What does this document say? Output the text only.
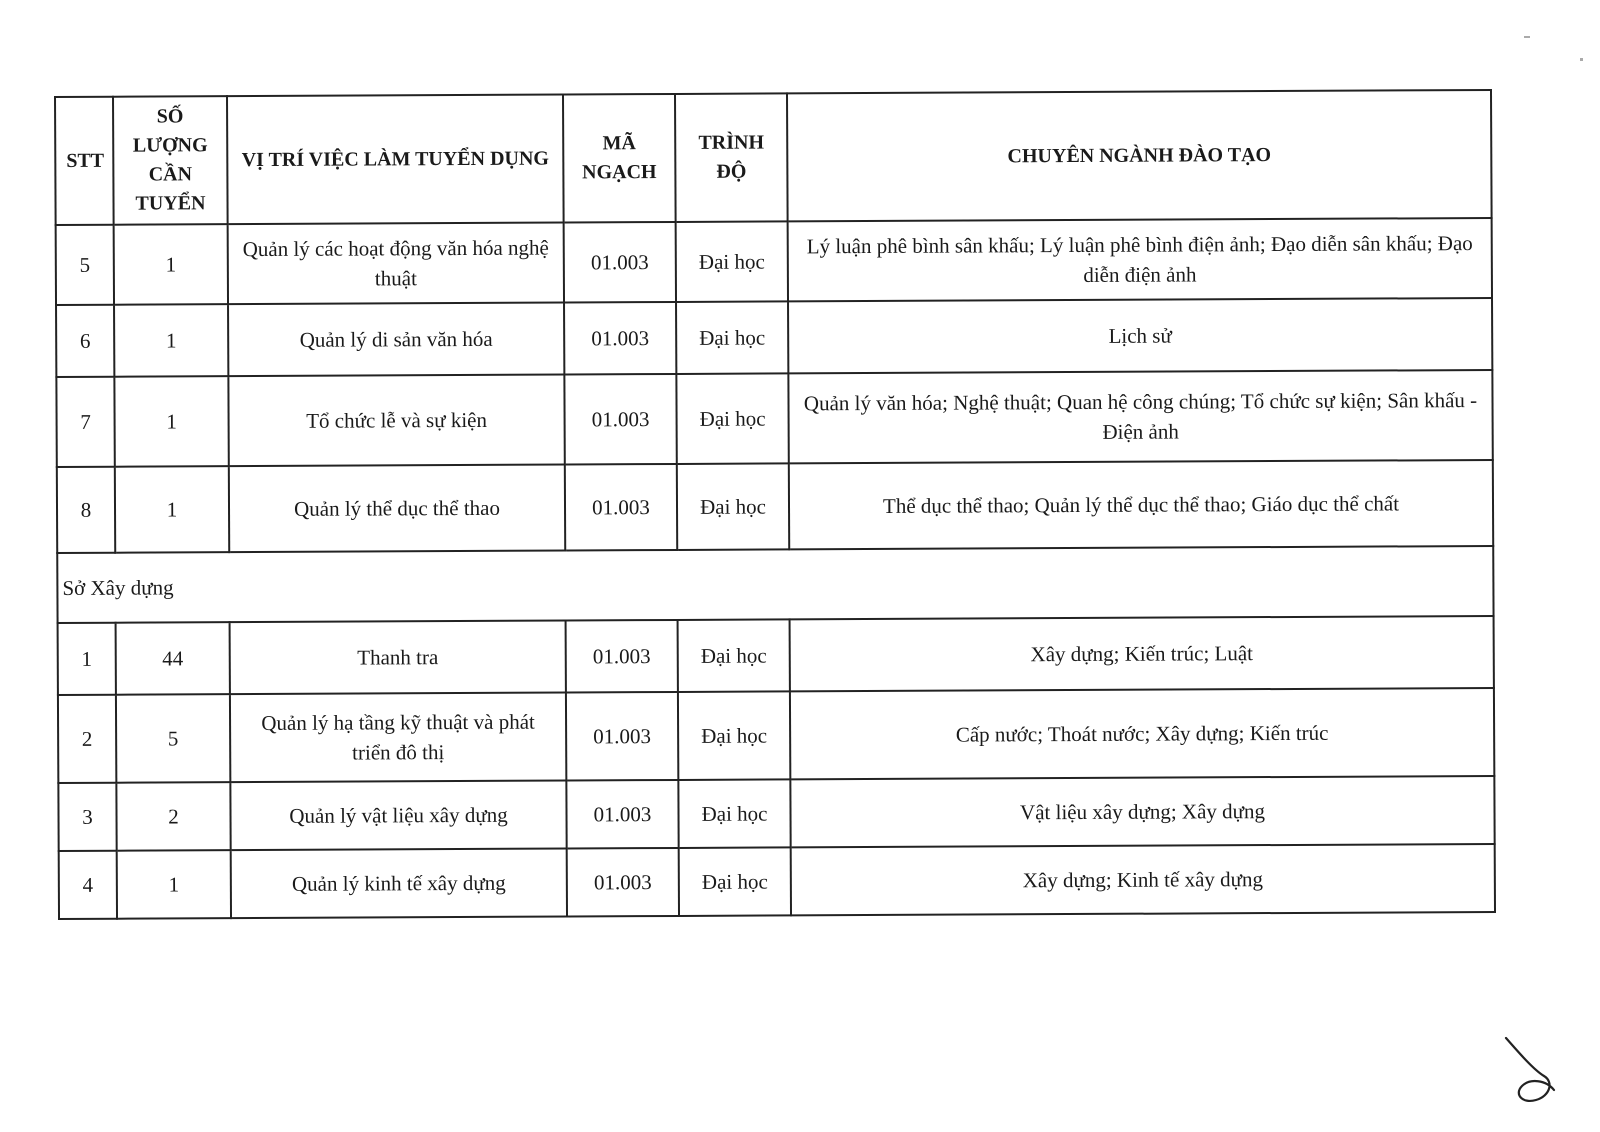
STT	SỐ LƯỢNG CẦN TUYỂN	VỊ TRÍ VIỆC LÀM TUYỂN DỤNG	MÃ NGẠCH	TRÌNH ĐỘ	CHUYÊN NGÀNH ĐÀO TẠO
5	1	Quản lý các hoạt động văn hóa nghệ thuật	01.003	Đại học	Lý luận phê bình sân khấu; Lý luận phê bình điện ảnh; Đạo diễn sân khấu; Đạo diễn điện ảnh
6	1	Quản lý di sản văn hóa	01.003	Đại học	Lịch sử
7	1	Tổ chức lễ và sự kiện	01.003	Đại học	Quản lý văn hóa; Nghệ thuật; Quan hệ công chúng; Tổ chức sự kiện; Sân khấu - Điện ảnh
8	1	Quản lý thể dục thể thao	01.003	Đại học	Thể dục thể thao; Quản lý thể dục thể thao; Giáo dục thể chất
Sở Xây dựng					
1	44	Thanh tra	01.003	Đại học	Xây dựng; Kiến trúc; Luật
2	5	Quản lý hạ tầng kỹ thuật và phát triển đô thị	01.003	Đại học	Cấp nước; Thoát nước; Xây dựng; Kiến trúc
3	2	Quản lý vật liệu xây dựng	01.003	Đại học	Vật liệu xây dựng; Xây dựng
4	1	Quản lý kinh tế xây dựng	01.003	Đại học	Xây dựng; Kinh tế xây dựng
